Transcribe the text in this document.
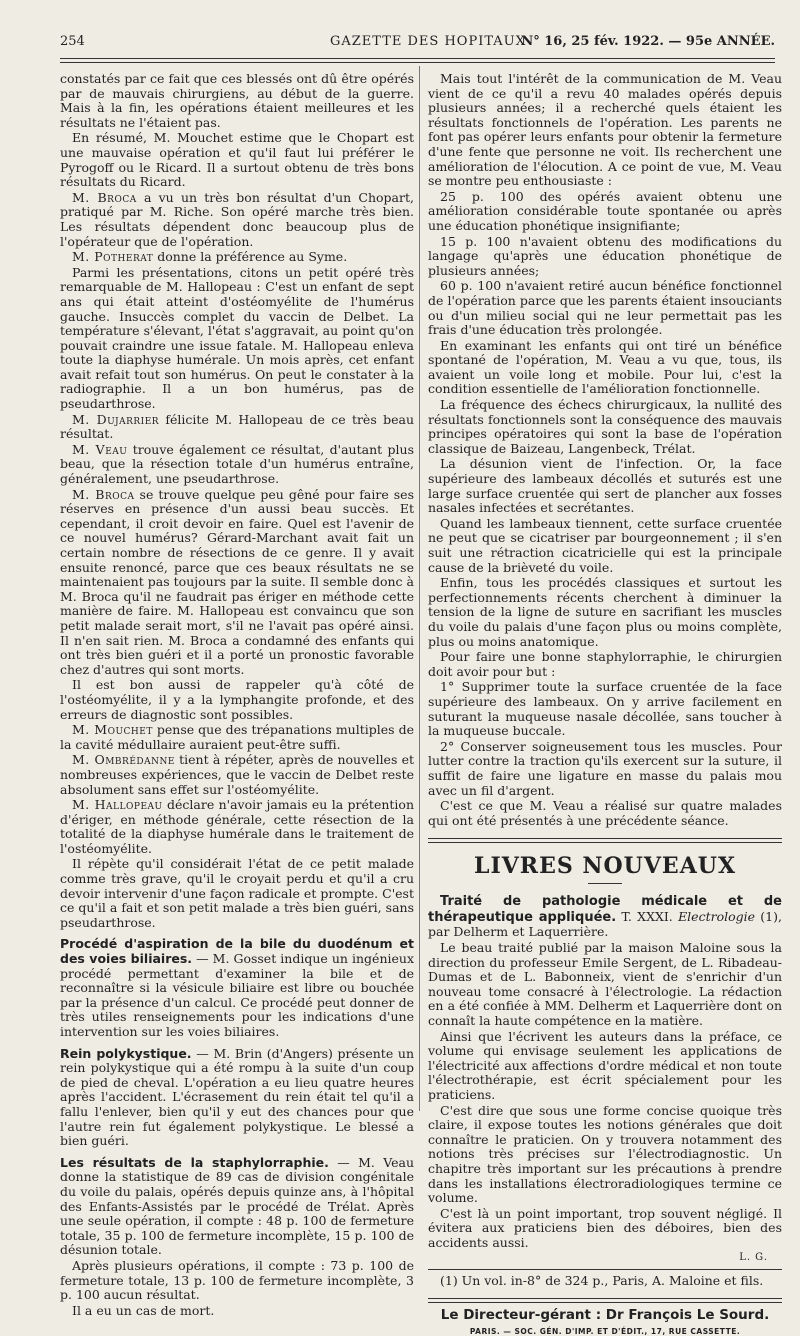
254	GAZETTE DES HOPITAUX
N° 16, 25 fév. 1922. — 95e ANNÉE.

constatés par ce fait que ces blessés ont dû être opérés par de mauvais chirurgiens, au début de la guerre. Mais à la fin, les opérations étaient meilleures et les résultats ne l'étaient pas.

En résumé, M. Mouchet estime que le Chopart est une mauvaise opération et qu'il faut lui préférer le Pyrogoff ou le Ricard. Il a surtout obtenu de très bons résultats du Ricard.

M. Broca a vu un très bon résultat d'un Chopart, pratiqué par M. Riche. Son opéré marche très bien. Les résultats dépendent donc beaucoup plus de l'opérateur que de l'opération.

M. Potherat donne la préférence au Syme.

Parmi les présentations, citons un petit opéré très remarquable de M. Hallopeau : C'est un enfant de sept ans qui était atteint d'ostéomyélite de l'humérus gauche. Insuccès complet du vaccin de Delbet. La température s'élevant, l'état s'aggravait, au point qu'on pouvait craindre une issue fatale. M. Hallopeau enleva toute la diaphyse humérale. Un mois après, cet enfant avait refait tout son humérus. On peut le constater à la radiographie. Il a un bon humérus, pas de pseudarthrose.

M. Dujarrier félicite M. Hallopeau de ce très beau résultat.

M. Veau trouve également ce résultat, d'autant plus beau, que la résection totale d'un humérus entraîne, généralement, une pseudarthrose.

M. Broca se trouve quelque peu gêné pour faire ses réserves en présence d'un aussi beau succès. Et cependant, il croit devoir en faire. Quel est l'avenir de ce nouvel humérus? Gérard-Marchant avait fait un certain nombre de résections de ce genre. Il y avait ensuite renoncé, parce que ces beaux résultats ne se maintenaient pas toujours par la suite. Il semble donc à M. Broca qu'il ne faudrait pas ériger en méthode cette manière de faire. M. Hallopeau est convaincu que son petit malade serait mort, s'il ne l'avait pas opéré ainsi. Il n'en sait rien. M. Broca a condamné des enfants qui ont très bien guéri et il a porté un pronostic favorable chez d'autres qui sont morts.

Il est bon aussi de rappeler qu'à côté de l'ostéomyélite, il y a la lymphangite profonde, et des erreurs de diagnostic sont possibles.

M. Mouchet pense que des trépanations multiples de la cavité médullaire auraient peut-être suffi.

M. Ombrédanne tient à répéter, après de nouvelles et nombreuses expériences, que le vaccin de Delbet reste absolument sans effet sur l'ostéomyélite.

M. Hallopeau déclare n'avoir jamais eu la prétention d'ériger, en méthode générale, cette résection de la totalité de la diaphyse humérale dans le traitement de l'ostéomyélite.

Il répète qu'il considérait l'état de ce petit malade comme très grave, qu'il le croyait perdu et qu'il a cru devoir intervenir d'une façon radicale et prompte. C'est ce qu'il a fait et son petit malade a très bien guéri, sans pseudarthrose.

Procédé d'aspiration de la bile du duodénum et des voies biliaires. — M. Gosset indique un ingénieux procédé permettant d'examiner la bile et de reconnaître si la vésicule biliaire est libre ou bouchée par la présence d'un calcul. Ce procédé peut donner de très utiles renseignements pour les indications d'une intervention sur les voies biliaires.

Rein polykystique. — M. Brin (d'Angers) présente un rein polykystique qui a été rompu à la suite d'un coup de pied de cheval. L'opération a eu lieu quatre heures après l'accident. L'écrasement du rein était tel qu'il a fallu l'enlever, bien qu'il y eut des chances pour que l'autre rein fut également polykystique. Le blessé a bien guéri.

Les résultats de la staphylorraphie. — M. Veau donne la statistique de 89 cas de division congénitale du voile du palais, opérés depuis quinze ans, à l'hôpital des Enfants-Assistés par le procédé de Trélat. Après une seule opération, il compte : 48 p. 100 de fermeture totale, 35 p. 100 de fermeture incomplète, 15 p. 100 de désunion totale.

Après plusieurs opérations, il compte : 73 p. 100 de fermeture totale, 13 p. 100 de fermeture incomplète, 3 p. 100 aucun résultat.

Il a eu un cas de mort.

Mais tout l'intérêt de la communication de M. Veau vient de ce qu'il a revu 40 malades opérés depuis plusieurs années; il a recherché quels étaient les résultats fonctionnels de l'opération. Les parents ne font pas opérer leurs enfants pour obtenir la fermeture d'une fente que personne ne voit. Ils recherchent une amélioration de l'élocution. A ce point de vue, M. Veau se montre peu enthousiaste :

25 p. 100 des opérés avaient obtenu une amélioration considérable toute spontanée ou après une éducation phonétique insignifiante;

15 p. 100 n'avaient obtenu des modifications du langage qu'après une éducation phonétique de plusieurs années;

60 p. 100 n'avaient retiré aucun bénéfice fonctionnel de l'opération parce que les parents étaient insouciants ou d'un milieu social qui ne leur permettait pas les frais d'une éducation très prolongée.

En examinant les enfants qui ont tiré un bénéfice spontané de l'opération, M. Veau a vu que, tous, ils avaient un voile long et mobile. Pour lui, c'est la condition essentielle de l'amélioration fonctionnelle.

La fréquence des échecs chirurgicaux, la nullité des résultats fonctionnels sont la conséquence des mauvais principes opératoires qui sont la base de l'opération classique de Baizeau, Langenbeck, Trélat.

La désunion vient de l'infection. Or, la face supérieure des lambeaux décollés et suturés est une large surface cruentée qui sert de plancher aux fosses nasales infectées et secrétantes.

Quand les lambeaux tiennent, cette surface cruentée ne peut que se cicatriser par bourgeonnement ; il s'en suit une rétraction cicatricielle qui est la principale cause de la brièveté du voile.

Enfin, tous les procédés classiques et surtout les perfectionnements récents cherchent à diminuer la tension de la ligne de suture en sacrifiant les muscles du voile du palais d'une façon plus ou moins complète, plus ou moins anatomique.

Pour faire une bonne staphylorraphie, le chirurgien doit avoir pour but :

1° Supprimer toute la surface cruentée de la face supérieure des lambeaux. On y arrive facilement en suturant la muqueuse nasale décollée, sans toucher à la muqueuse buccale.

2° Conserver soigneusement tous les muscles. Pour lutter contre la traction qu'ils exercent sur la suture, il suffit de faire une ligature en masse du palais mou avec un fil d'argent.

C'est ce que M. Veau a réalisé sur quatre malades qui ont été présentés à une précédente séance.

LIVRES NOUVEAUX

Traité de pathologie médicale et de thérapeutique appliquée. T. XXXI. Electrologie (1), par Delherm et Laquerrière.

Le beau traité publié par la maison Maloine sous la direction du professeur Emile Sergent, de L. Ribadeau-Dumas et de L. Babonneix, vient de s'enrichir d'un nouveau tome consacré à l'électrologie. La rédaction en a été confiée à MM. Delherm et Laquerrière dont on connaît la haute compétence en la matière.

Ainsi que l'écrivent les auteurs dans la préface, ce volume qui envisage seulement les applications de l'électricité aux affections d'ordre médical et non toute l'électrothérapie, est écrit spécialement pour les praticiens.

C'est dire que sous une forme concise quoique très claire, il expose toutes les notions générales que doit connaître le praticien. On y trouvera notamment des notions très précises sur l'électrodiagnostic. Un chapitre très important sur les précautions à prendre dans les installations électroradiologiques termine ce volume.

C'est là un point important, trop souvent négligé. Il évitera aux praticiens bien des déboires, bien des accidents aussi.

L. G.

(1) Un vol. in-8° de 324 p., Paris, A. Maloine et fils.

Le Directeur-gérant : Dr François Le Sourd.
PARIS. — SOC. GÉN. D'IMP. ET D'ÉDIT., 17, RUE CASSETTE.
